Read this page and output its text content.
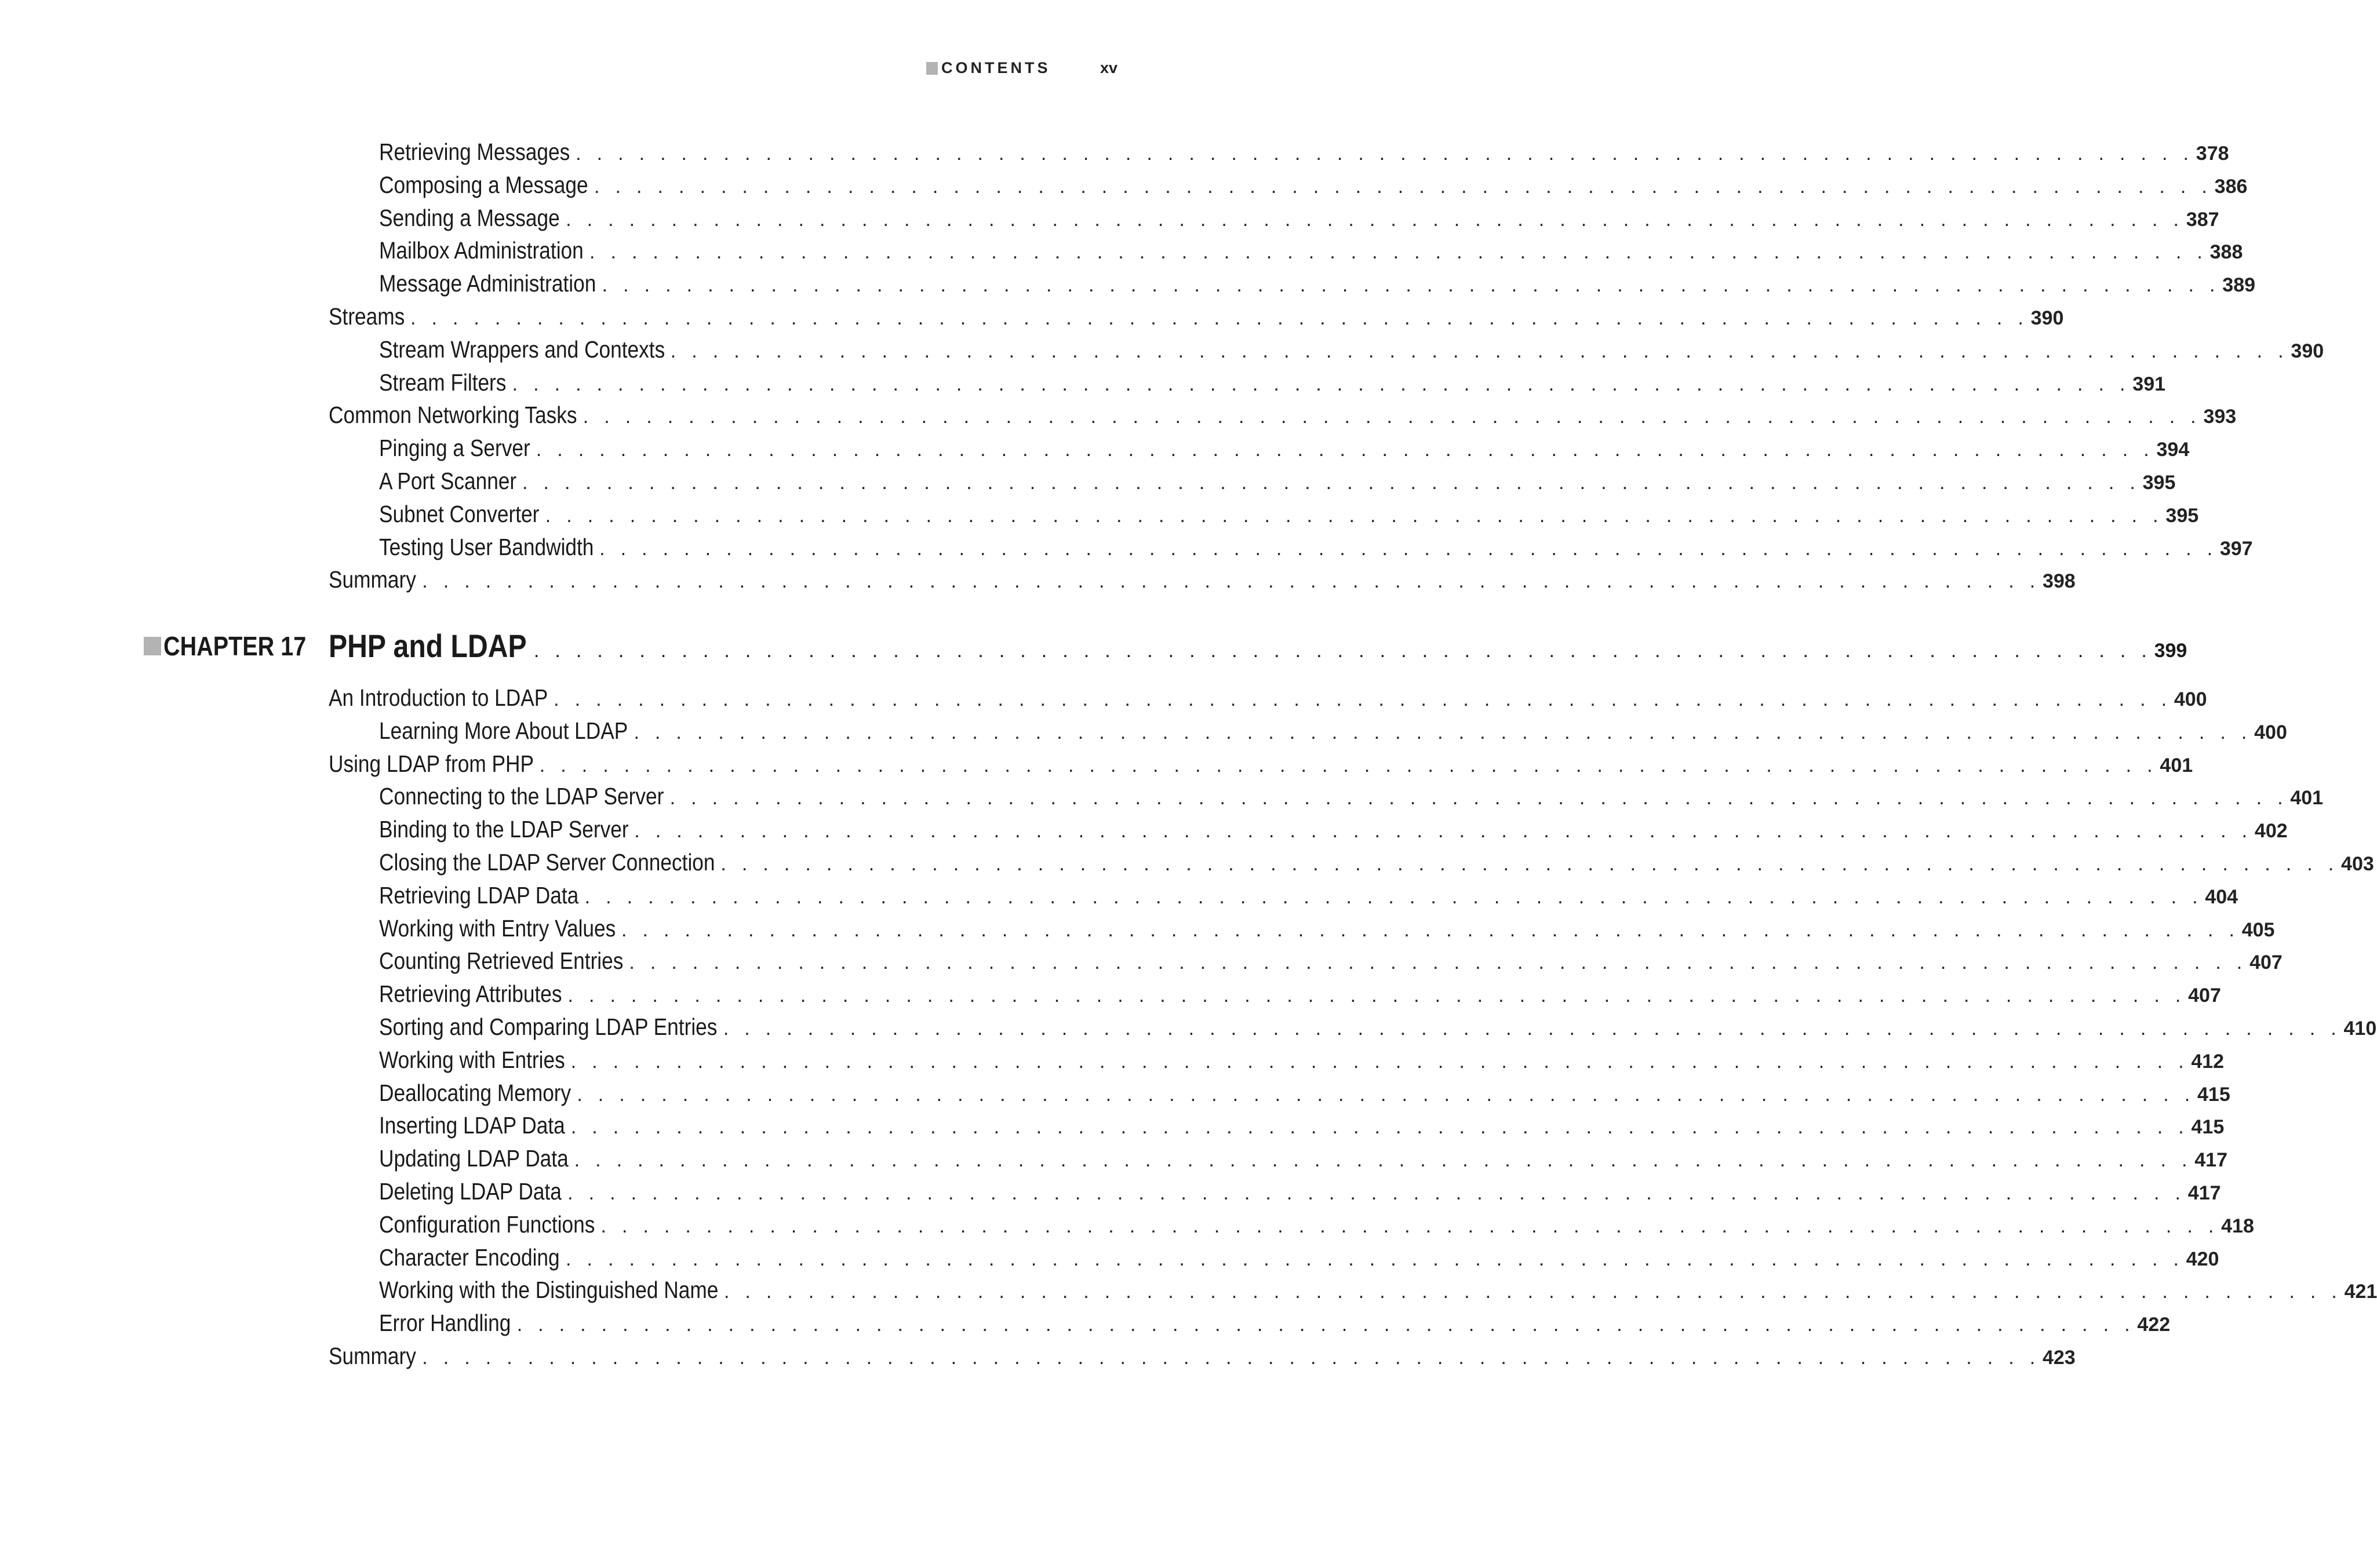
CONTENTS	xv
Retrieving Messages . . . . . . . . . . . . . . . . . . . . . . . . . . . . . . . . . . . . . . . . . . . . . . . . . . . . . . . . . . . . . . . . . . . . . . . . . . . . . 378
Composing a Message . . . . . . . . . . . . . . . . . . . . . . . . . . . . . . . . . . . . . . . . . . . . . . . . . . . . . . . . . . . . . . . . . . . . . . . . . . . . . 386
Sending a Message . . . . . . . . . . . . . . . . . . . . . . . . . . . . . . . . . . . . . . . . . . . . . . . . . . . . . . . . . . . . . . . . . . . . . . . . . . . . . 387
Mailbox Administration . . . . . . . . . . . . . . . . . . . . . . . . . . . . . . . . . . . . . . . . . . . . . . . . . . . . . . . . . . . . . . . . . . . . . . . . . . . . . 388
Message Administration . . . . . . . . . . . . . . . . . . . . . . . . . . . . . . . . . . . . . . . . . . . . . . . . . . . . . . . . . . . . . . . . . . . . . . . . . . . . . 389
Streams . . . . . . . . . . . . . . . . . . . . . . . . . . . . . . . . . . . . . . . . . . . . . . . . . . . . . . . . . . . . . . . . . . . . . . . . . . . . . 390
Stream Wrappers and Contexts . . . . . . . . . . . . . . . . . . . . . . . . . . . . . . . . . . . . . . . . . . . . . . . . . . . . . . . . . . . . . . . . . . . . . . . . . . . . . 390
Stream Filters . . . . . . . . . . . . . . . . . . . . . . . . . . . . . . . . . . . . . . . . . . . . . . . . . . . . . . . . . . . . . . . . . . . . . . . . . . . . . 391
Common Networking Tasks . . . . . . . . . . . . . . . . . . . . . . . . . . . . . . . . . . . . . . . . . . . . . . . . . . . . . . . . . . . . . . . . . . . . . . . . . . . . . 393
Pinging a Server . . . . . . . . . . . . . . . . . . . . . . . . . . . . . . . . . . . . . . . . . . . . . . . . . . . . . . . . . . . . . . . . . . . . . . . . . . . . . 394
A Port Scanner . . . . . . . . . . . . . . . . . . . . . . . . . . . . . . . . . . . . . . . . . . . . . . . . . . . . . . . . . . . . . . . . . . . . . . . . . . . . . 395
Subnet Converter . . . . . . . . . . . . . . . . . . . . . . . . . . . . . . . . . . . . . . . . . . . . . . . . . . . . . . . . . . . . . . . . . . . . . . . . . . . . . 395
Testing User Bandwidth . . . . . . . . . . . . . . . . . . . . . . . . . . . . . . . . . . . . . . . . . . . . . . . . . . . . . . . . . . . . . . . . . . . . . . . . . . . . . 397
Summary . . . . . . . . . . . . . . . . . . . . . . . . . . . . . . . . . . . . . . . . . . . . . . . . . . . . . . . . . . . . . . . . . . . . . . . . . . . . . 398
CHAPTER 17 PHP and LDAP . . . . . . . . . . . . . . . . . . . . . . . . . . . . . . . . . . . . . . . . . . . . . . . . . . . . . . . . . . . . . . . . . . . . . . . . . . . . . 399
An Introduction to LDAP . . . . . . . . . . . . . . . . . . . . . . . . . . . . . . . . . . . . . . . . . . . . . . . . . . . . . . . . . . . . . . . . . . . . . . . . . . . . . 400
Learning More About LDAP . . . . . . . . . . . . . . . . . . . . . . . . . . . . . . . . . . . . . . . . . . . . . . . . . . . . . . . . . . . . . . . . . . . . . . . . . . . . . 400
Using LDAP from PHP . . . . . . . . . . . . . . . . . . . . . . . . . . . . . . . . . . . . . . . . . . . . . . . . . . . . . . . . . . . . . . . . . . . . . . . . . . . . . 401
Connecting to the LDAP Server . . . . . . . . . . . . . . . . . . . . . . . . . . . . . . . . . . . . . . . . . . . . . . . . . . . . . . . . . . . . . . . . . . . . . . . . . . . . . 401
Binding to the LDAP Server . . . . . . . . . . . . . . . . . . . . . . . . . . . . . . . . . . . . . . . . . . . . . . . . . . . . . . . . . . . . . . . . . . . . . . . . . . . . . 402
Closing the LDAP Server Connection . . . . . . . . . . . . . . . . . . . . . . . . . . . . . . . . . . . . . . . . . . . . . . . . . . . . . . . . . . . . . . . . . . . . . . . . . . . . . 403
Retrieving LDAP Data . . . . . . . . . . . . . . . . . . . . . . . . . . . . . . . . . . . . . . . . . . . . . . . . . . . . . . . . . . . . . . . . . . . . . . . . . . . . . 404
Working with Entry Values . . . . . . . . . . . . . . . . . . . . . . . . . . . . . . . . . . . . . . . . . . . . . . . . . . . . . . . . . . . . . . . . . . . . . . . . . . . . . 405
Counting Retrieved Entries . . . . . . . . . . . . . . . . . . . . . . . . . . . . . . . . . . . . . . . . . . . . . . . . . . . . . . . . . . . . . . . . . . . . . . . . . . . . . 407
Retrieving Attributes . . . . . . . . . . . . . . . . . . . . . . . . . . . . . . . . . . . . . . . . . . . . . . . . . . . . . . . . . . . . . . . . . . . . . . . . . . . . . 407
Sorting and Comparing LDAP Entries . . . . . . . . . . . . . . . . . . . . . . . . . . . . . . . . . . . . . . . . . . . . . . . . . . . . . . . . . . . . . . . . . . . . . . . . . . . . . 410
Working with Entries . . . . . . . . . . . . . . . . . . . . . . . . . . . . . . . . . . . . . . . . . . . . . . . . . . . . . . . . . . . . . . . . . . . . . . . . . . . . . 412
Deallocating Memory . . . . . . . . . . . . . . . . . . . . . . . . . . . . . . . . . . . . . . . . . . . . . . . . . . . . . . . . . . . . . . . . . . . . . . . . . . . . . 415
Inserting LDAP Data . . . . . . . . . . . . . . . . . . . . . . . . . . . . . . . . . . . . . . . . . . . . . . . . . . . . . . . . . . . . . . . . . . . . . . . . . . . . . 415
Updating LDAP Data . . . . . . . . . . . . . . . . . . . . . . . . . . . . . . . . . . . . . . . . . . . . . . . . . . . . . . . . . . . . . . . . . . . . . . . . . . . . . 417
Deleting LDAP Data . . . . . . . . . . . . . . . . . . . . . . . . . . . . . . . . . . . . . . . . . . . . . . . . . . . . . . . . . . . . . . . . . . . . . . . . . . . . . 417
Configuration Functions . . . . . . . . . . . . . . . . . . . . . . . . . . . . . . . . . . . . . . . . . . . . . . . . . . . . . . . . . . . . . . . . . . . . . . . . . . . . . 418
Character Encoding . . . . . . . . . . . . . . . . . . . . . . . . . . . . . . . . . . . . . . . . . . . . . . . . . . . . . . . . . . . . . . . . . . . . . . . . . . . . . 420
Working with the Distinguished Name . . . . . . . . . . . . . . . . . . . . . . . . . . . . . . . . . . . . . . . . . . . . . . . . . . . . . . . . . . . . . . . . . . . . . . . . . . . . . 421
Error Handling . . . . . . . . . . . . . . . . . . . . . . . . . . . . . . . . . . . . . . . . . . . . . . . . . . . . . . . . . . . . . . . . . . . . . . . . . . . . . 422
Summary . . . . . . . . . . . . . . . . . . . . . . . . . . . . . . . . . . . . . . . . . . . . . . . . . . . . . . . . . . . . . . . . . . . . . . . . . . . . . 423
